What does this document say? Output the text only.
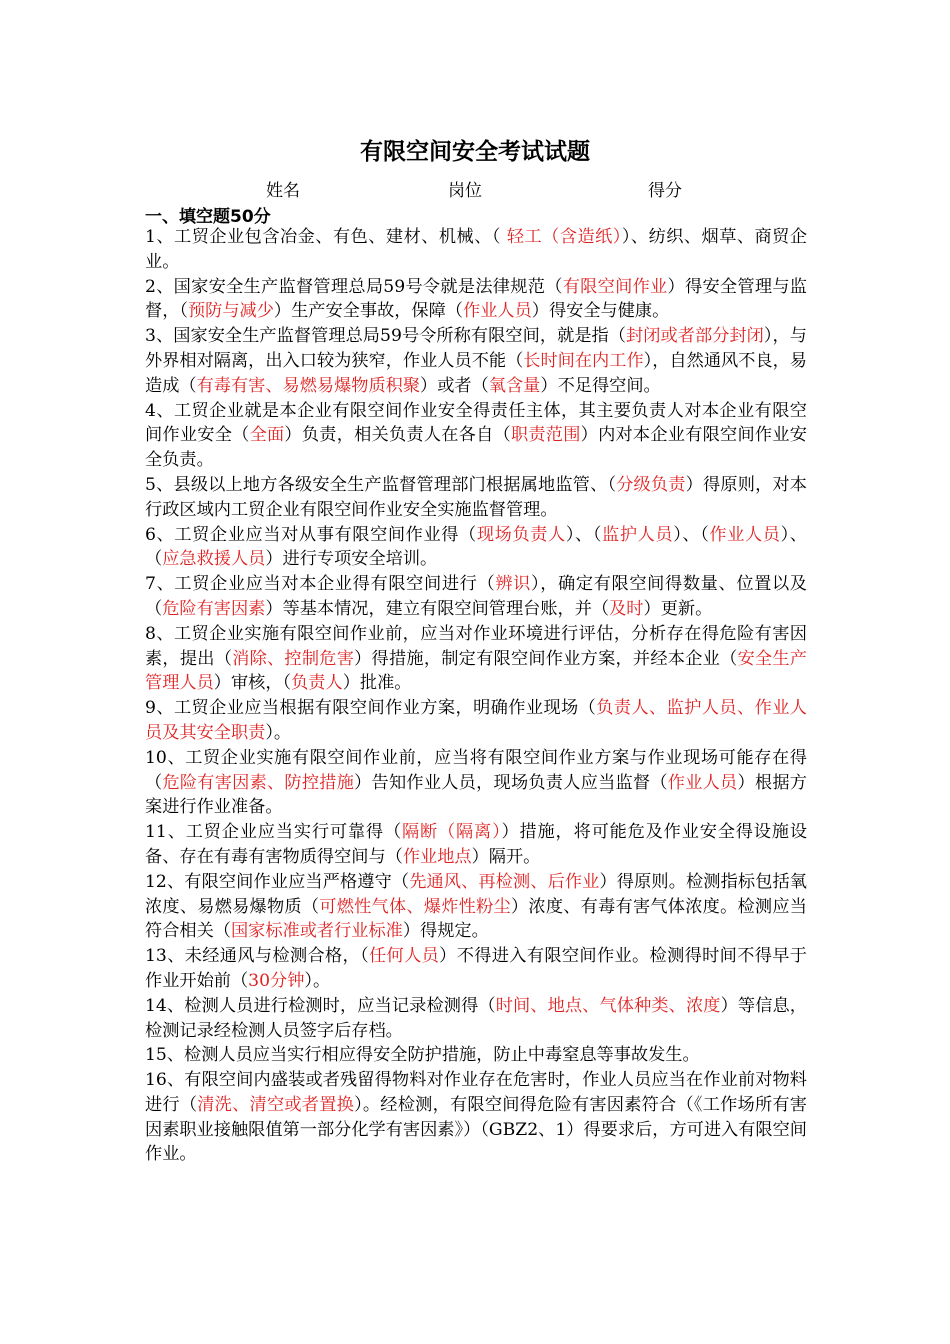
有限空间安全考试试题
姓名	岗位	得分
一、填空题50分

1、工贸企业包含冶金、有色、建材、机械、（ 轻工（含造纸））、纺织、烟草、商贸企业。

2、国家安全生产监督管理总局59号令就是法律规范（有限空间作业）得安全管理与监督，（预防与减少）生产安全事故，保障（作业人员）得安全与健康。

3、国家安全生产监督管理总局59号令所称有限空间，就是指（封闭或者部分封闭），与外界相对隔离，出入口较为狭窄，作业人员不能（长时间在内工作），自然通风不良，易造成（有毒有害、易燃易爆物质积聚）或者（氧含量）不足得空间。

4、工贸企业就是本企业有限空间作业安全得责任主体，其主要负责人对本企业有限空间作业安全（全面）负责，相关负责人在各自（职责范围）内对本企业有限空间作业安全负责。

5、县级以上地方各级安全生产监督管理部门根据属地监管、（分级负责）得原则，对本行政区域内工贸企业有限空间作业安全实施监督管理。

6、工贸企业应当对从事有限空间作业得（现场负责人）、（监护人员）、（作业人员）、（应急救援人员）进行专项安全培训。

7、工贸企业应当对本企业得有限空间进行（辨识），确定有限空间得数量、位置以及（危险有害因素）等基本情况，建立有限空间管理台账，并（及时）更新。

8、工贸企业实施有限空间作业前，应当对作业环境进行评估，分析存在得危险有害因素，提出（消除、控制危害）得措施，制定有限空间作业方案，并经本企业（安全生产管理人员）审核，（负责人）批准。

9、工贸企业应当根据有限空间作业方案，明确作业现场（负责人、监护人员、作业人员及其安全职责）。

10、工贸企业实施有限空间作业前，应当将有限空间作业方案与作业现场可能存在得（危险有害因素、防控措施）告知作业人员，现场负责人应当监督（作业人员）根据方案进行作业准备。

11、工贸企业应当实行可靠得（隔断（隔离））措施，将可能危及作业安全得设施设备、存在有毒有害物质得空间与（作业地点）隔开。

12、有限空间作业应当严格遵守（先通风、再检测、后作业）得原则。检测指标包括氧浓度、易燃易爆物质（可燃性气体、爆炸性粉尘）浓度、有毒有害气体浓度。检测应当符合相关（国家标准或者行业标准）得规定。

13、未经通风与检测合格，（任何人员）不得进入有限空间作业。检测得时间不得早于作业开始前（30分钟）。

14、检测人员进行检测时，应当记录检测得（时间、地点、气体种类、浓度）等信息，检测记录经检测人员签字后存档。

15、检测人员应当实行相应得安全防护措施，防止中毒窒息等事故发生。

16、有限空间内盛装或者残留得物料对作业存在危害时，作业人员应当在作业前对物料进行（清洗、清空或者置换）。经检测，有限空间得危险有害因素符合（《工作场所有害因素职业接触限值第一部分化学有害因素》）（GBZ2、1）得要求后，方可进入有限空间作业。
